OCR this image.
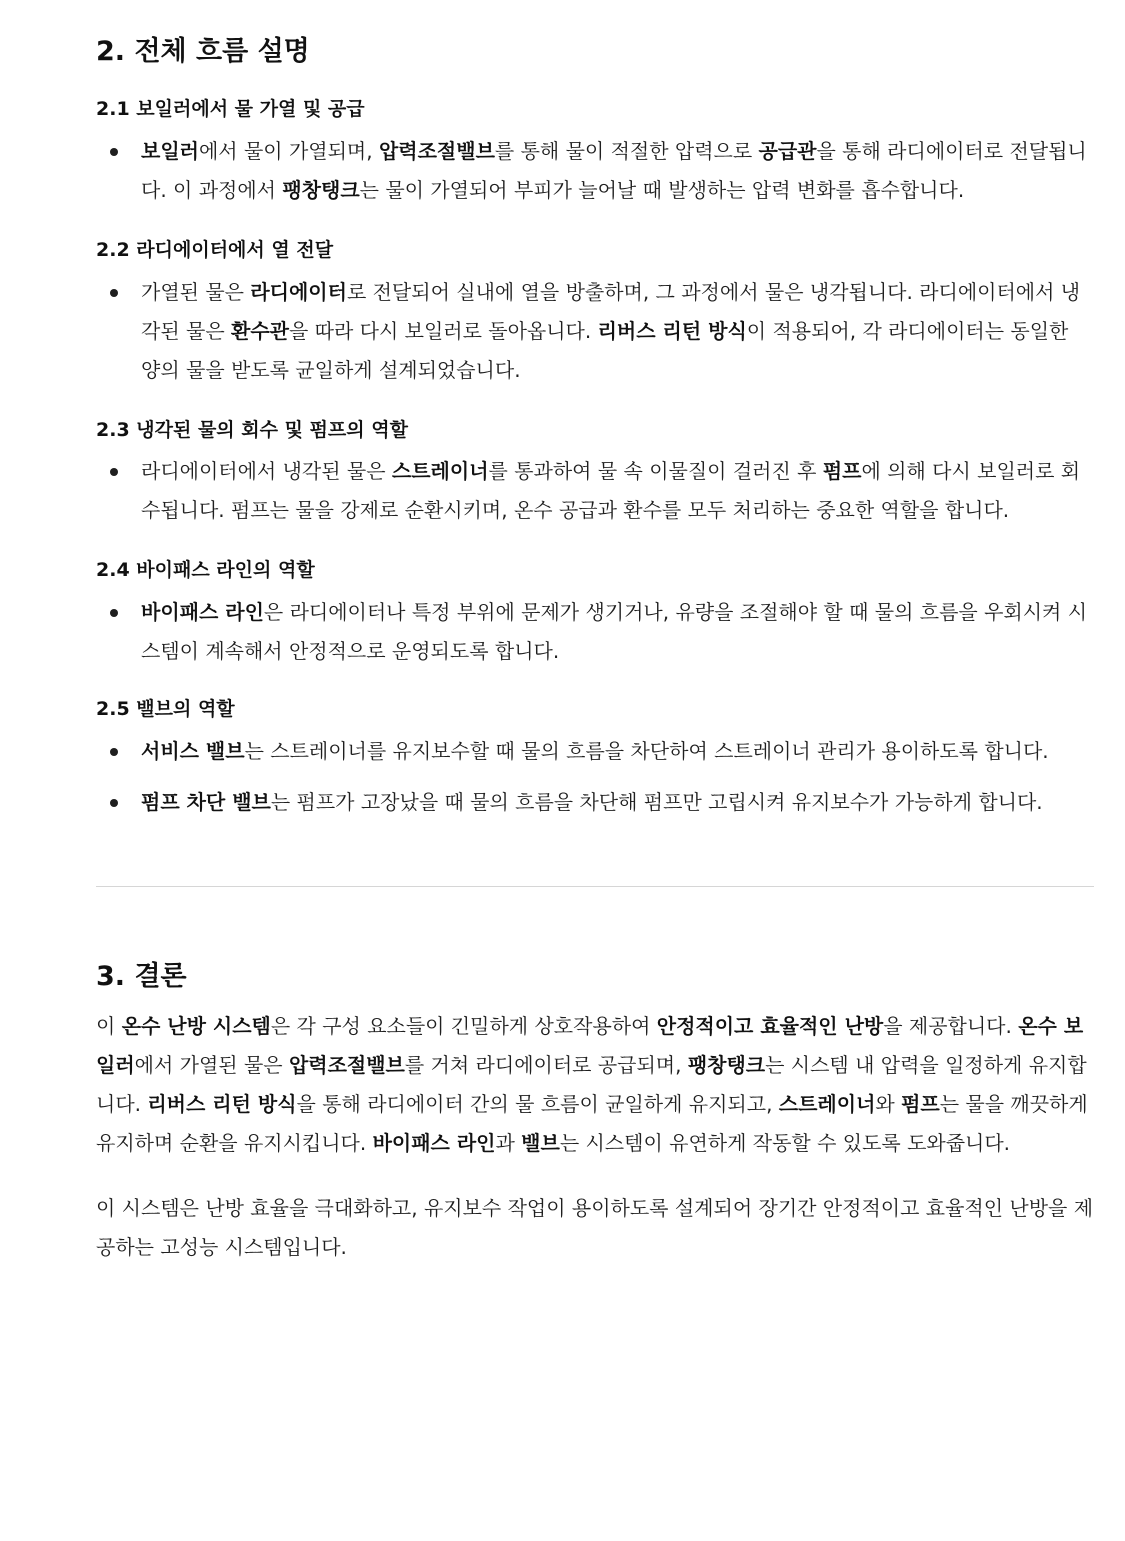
2. 전체 흐름 설명
2.1 보일러에서 물 가열 및 공급
보일러에서 물이 가열되며, 압력조절밸브를 통해 물이 적절한 압력으로 공급관을 통해 라디에이터로 전달됩니다. 이 과정에서 팽창탱크는 물이 가열되어 부피가 늘어날 때 발생하는 압력 변화를 흡수합니다.
2.2 라디에이터에서 열 전달
가열된 물은 라디에이터로 전달되어 실내에 열을 방출하며, 그 과정에서 물은 냉각됩니다. 라디에이터에서 냉각된 물은 환수관을 따라 다시 보일러로 돌아옵니다. 리버스 리턴 방식이 적용되어, 각 라디에이터는 동일한 양의 물을 받도록 균일하게 설계되었습니다.
2.3 냉각된 물의 회수 및 펌프의 역할
라디에이터에서 냉각된 물은 스트레이너를 통과하여 물 속 이물질이 걸러진 후 펌프에 의해 다시 보일러로 회수됩니다. 펌프는 물을 강제로 순환시키며, 온수 공급과 환수를 모두 처리하는 중요한 역할을 합니다.
2.4 바이패스 라인의 역할
바이패스 라인은 라디에이터나 특정 부위에 문제가 생기거나, 유량을 조절해야 할 때 물의 흐름을 우회시켜 시스템이 계속해서 안정적으로 운영되도록 합니다.
2.5 밸브의 역할
서비스 밸브는 스트레이너를 유지보수할 때 물의 흐름을 차단하여 스트레이너 관리가 용이하도록 합니다.
펌프 차단 밸브는 펌프가 고장났을 때 물의 흐름을 차단해 펌프만 고립시켜 유지보수가 가능하게 합니다.
3. 결론

이 온수 난방 시스템은 각 구성 요소들이 긴밀하게 상호작용하여 안정적이고 효율적인 난방을 제공합니다. 온수 보일러에서 가열된 물은 압력조절밸브를 거쳐 라디에이터로 공급되며, 팽창탱크는 시스템 내 압력을 일정하게 유지합니다. 리버스 리턴 방식을 통해 라디에이터 간의 물 흐름이 균일하게 유지되고, 스트레이너와 펌프는 물을 깨끗하게 유지하며 순환을 유지시킵니다. 바이패스 라인과 밸브는 시스템이 유연하게 작동할 수 있도록 도와줍니다.

이 시스템은 난방 효율을 극대화하고, 유지보수 작업이 용이하도록 설계되어 장기간 안정적이고 효율적인 난방을 제공하는 고성능 시스템입니다.
